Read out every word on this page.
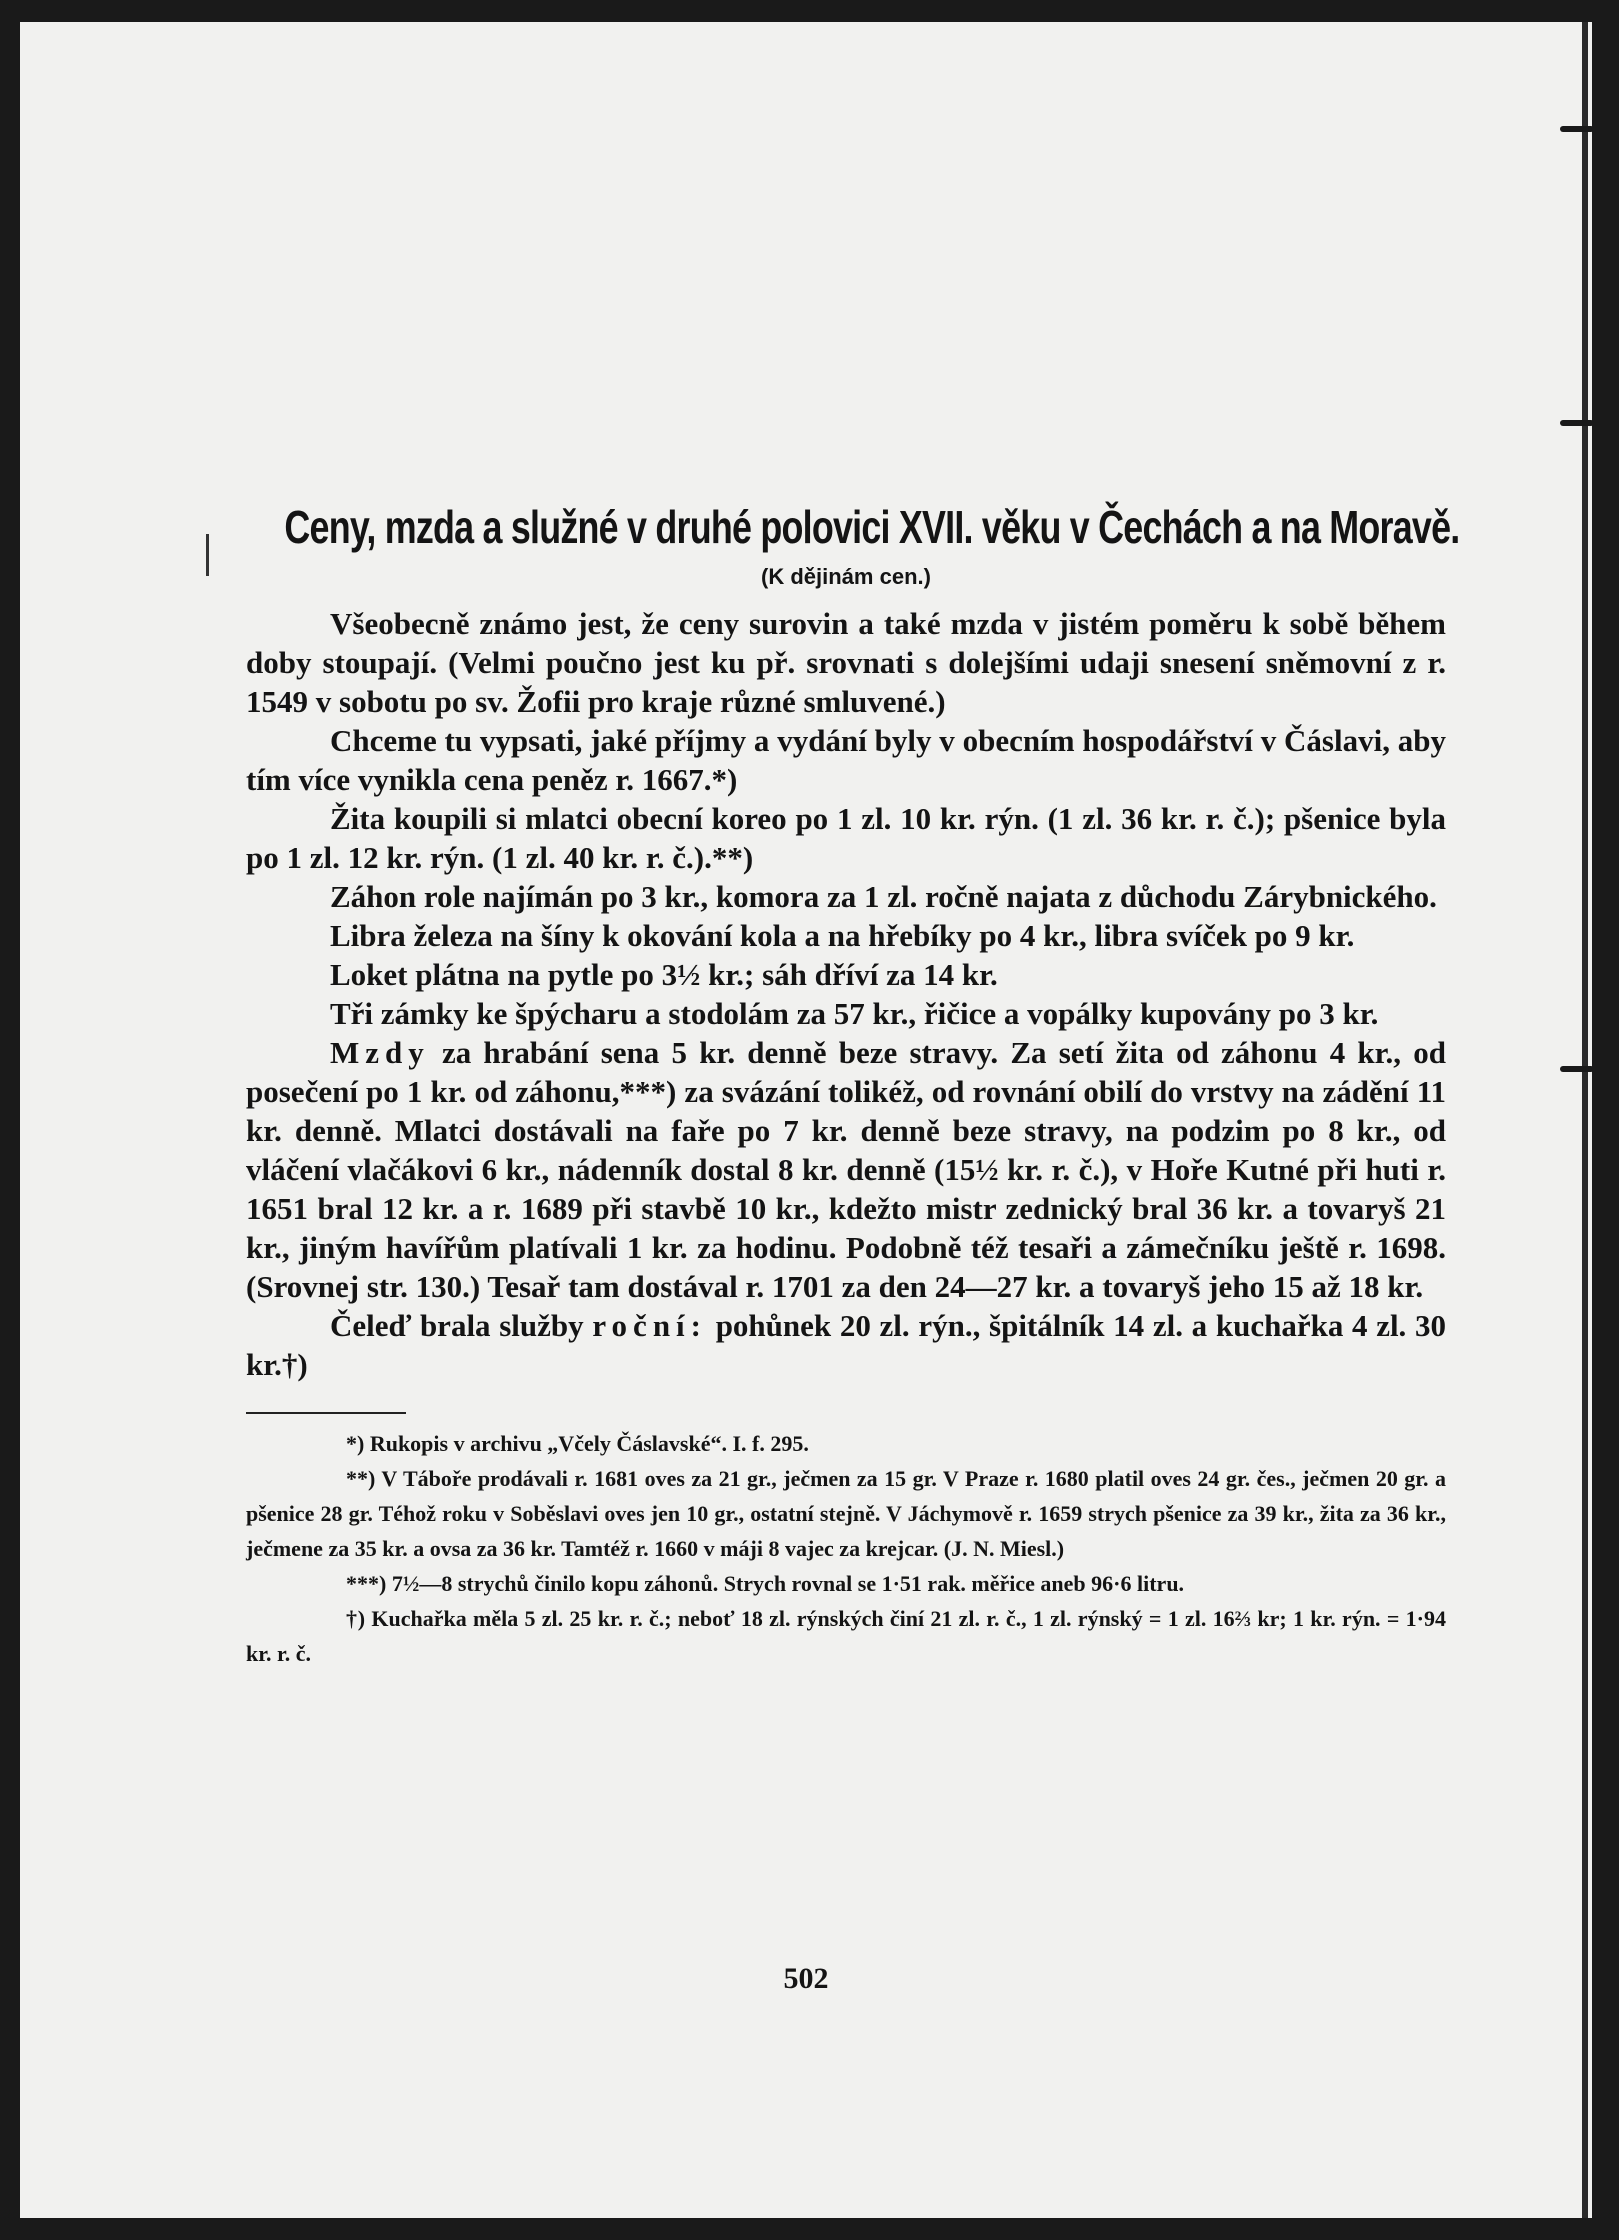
Ceny, mzda a služné v druhé polovici XVII. věku v Čechách a na Moravě.
(K dějinám cen.)

Všeobecně známo jest, že ceny surovin a také mzda v jistém poměru k sobě během doby stoupají. (Velmi poučno jest ku př. srovnati s dolejšími udaji snesení sněmovní z r. 1549 v sobotu po sv. Žofii pro kraje různé smluvené.)

Chceme tu vypsati, jaké příjmy a vydání byly v obecním hospodářství v Čáslavi, aby tím více vynikla cena peněz r. 1667.*)

Žita koupili si mlatci obecní koreo po 1 zl. 10 kr. rýn. (1 zl. 36 kr. r. č.); pšenice byla po 1 zl. 12 kr. rýn. (1 zl. 40 kr. r. č.).**)

Záhon role najímán po 3 kr., komora za 1 zl. ročně najata z důchodu Zárybnického.

Libra železa na šíny k okování kola a na hřebíky po 4 kr., libra svíček po 9 kr.

Loket plátna na pytle po 3½ kr.; sáh dříví za 14 kr.

Tři zámky ke špýcharu a stodolám za 57 kr., řičice a vopálky kupovány po 3 kr.

Mzdy za hrabání sena 5 kr. denně beze stravy. Za setí žita od záhonu 4 kr., od posečení po 1 kr. od záhonu,***) za svázání tolikéž, od rovnání obilí do vrstvy na zádění 11 kr. denně. Mlatci dostávali na faře po 7 kr. denně beze stravy, na podzim po 8 kr., od vláčení vlačákovi 6 kr., nádenník dostal 8 kr. denně (15½ kr. r. č.), v Hoře Kutné při huti r. 1651 bral 12 kr. a r. 1689 při stavbě 10 kr., kdežto mistr zednický bral 36 kr. a tovaryš 21 kr., jiným havířům platívali 1 kr. za hodinu. Podobně též tesaři a zámečníku ještě r. 1698. (Srovnej str. 130.) Tesař tam dostával r. 1701 za den 24—27 kr. a tovaryš jeho 15 až 18 kr.

Čeleď brala služby roční: pohůnek 20 zl. rýn., špitálník 14 zl. a kuchařka 4 zl. 30 kr.†)

*) Rukopis v archivu „Včely Čáslavské“. I. f. 295.

**) V Táboře prodávali r. 1681 oves za 21 gr., ječmen za 15 gr. V Praze r. 1680 platil oves 24 gr. čes., ječmen 20 gr. a pšenice 28 gr. Téhož roku v Soběslavi oves jen 10 gr., ostatní stejně. V Jáchymově r. 1659 strych pšenice za 39 kr., žita za 36 kr., ječmene za 35 kr. a ovsa za 36 kr. Tamtéž r. 1660 v máji 8 vajec za krejcar. (J. N. Miesl.)

***) 7½—8 strychů činilo kopu záhonů. Strych rovnal se 1·51 rak. měřice aneb 96·6 litru.

†) Kuchařka měla 5 zl. 25 kr. r. č.; neboť 18 zl. rýnských činí 21 zl. r. č., 1 zl. rýnský = 1 zl. 16⅔ kr; 1 kr. rýn. = 1·94 kr. r. č.

502
